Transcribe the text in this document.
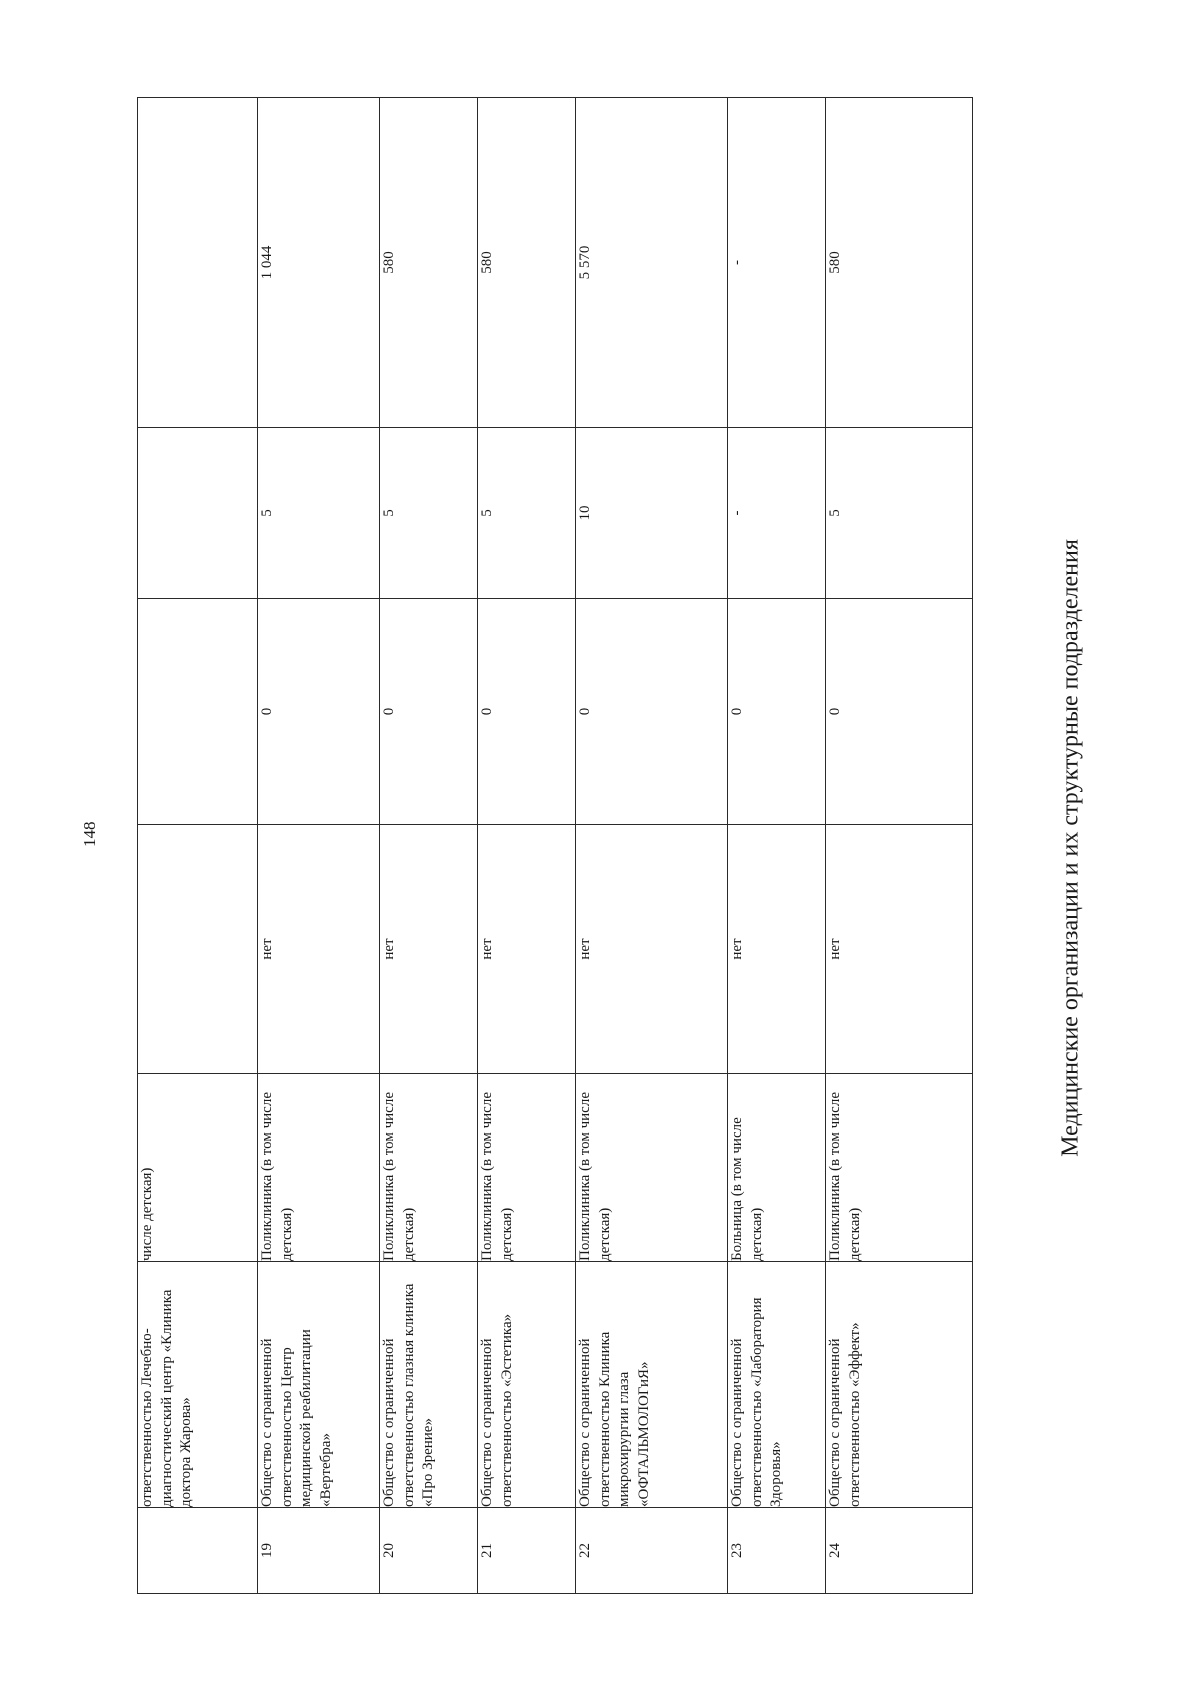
148
	ответственностью Лечебно-диагностический центр «Клиника доктора Жарова»	числе детская)				
19	Общество с ограниченной ответственностью Центр медицинской реабилитации «Вертебра»	Поликлиника (в том числе детская)	нет	0	5	1 044
20	Общество с ограниченной ответственностью глазная клиника «Про Зрение»	Поликлиника (в том числе детская)	нет	0	5	580
21	Общество с ограниченной ответственностью «Эстетика»	Поликлиника (в том числе детская)	нет	0	5	580
22	Общество с ограниченной ответственностью Клиника микрохирургии глаза «ОФТАЛЬМОЛОГиЯ»	Поликлиника (в том числе детская)	нет	0	10	5 570
23	Общество с ограниченной ответственностью «Лаборатория Здоровья»	Больница (в том числе детская)	нет	0	-	-
24	Общество с ограниченной ответственностью «Эффект»	Поликлиника (в том числе детская)	нет	0	5	580
Медицинские организации и их структурные подразделения
